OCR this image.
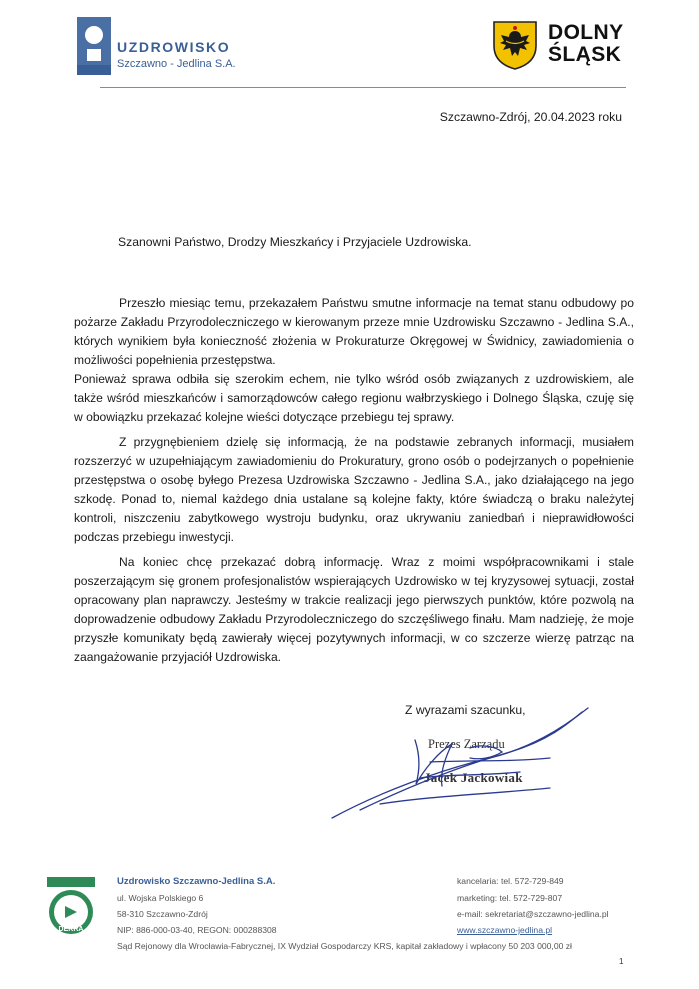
UZDROWISKO
Szczawno - Jedlina S.A.
DOLNY
ŚLĄSK
Szczawno-Zdrój, 20.04.2023 roku
Szanowni Państwo, Drodzy Mieszkańcy i Przyjaciele Uzdrowiska.

Przeszło miesiąc temu, przekazałem Państwu smutne informacje na temat stanu odbudowy po pożarze Zakładu Przyrodoleczniczego w kierowanym przeze mnie Uzdrowisku Szczawno - Jedlina S.A., których wynikiem była konieczność złożenia w Prokuraturze Okręgowej w Świdnicy, zawiadomienia o możliwości popełnienia przestępstwa.

Ponieważ sprawa odbiła się szerokim echem, nie tylko wśród osób związanych z uzdrowiskiem, ale także wśród mieszkańców i samorządowców całego regionu wałbrzyskiego i Dolnego Śląska, czuję się w obowiązku przekazać kolejne wieści dotyczące przebiegu tej sprawy.

Z przygnębieniem dzielę się informacją, że na podstawie zebranych informacji, musiałem rozszerzyć w uzupełniającym zawiadomieniu do Prokuratury, grono osób o podejrzanych o popełnienie przestępstwa o osobę byłego Prezesa Uzdrowiska Szczawno - Jedlina S.A., jako działającego na jego szkodę. Ponad to, niemal każdego dnia ustalane są kolejne fakty, które świadczą o braku należytej kontroli, niszczeniu zabytkowego wystroju budynku, oraz ukrywaniu zaniedbań i nieprawidłowości podczas przebiegu inwestycji.

Na koniec chcę przekazać dobrą informację. Wraz z moimi współpracownikami i stale poszerzającym się gronem profesjonalistów wspierających Uzdrowisko w tej kryzysowej sytuacji, został opracowany plan naprawczy. Jesteśmy w trakcie realizacji jego pierwszych punktów, które pozwolą na doprowadzenie odbudowy Zakładu Przyrodoleczniczego do szczęśliwego finału. Mam nadzieję, że moje przyszłe komunikaty będą zawierały więcej pozytywnych informacji, w co szczerze wierzę patrząc na zaangażowanie przyjaciół Uzdrowiska.

Z wyrazami szacunku,
Prezes Zarządu
Jacek Jackowiak
DEKRA
Uzdrowisko Szczawno-Jedlina S.A.
ul. Wojska Polskiego 6
58-310 Szczawno-Zdrój
NIP: 886-000-03-40, REGON: 000288308
kancelaria: tel. 572-729-849
marketing: tel. 572-729-807
e-mail: sekretariat@szczawno-jedlina.pl
www.szczawno-jedlina.pl
Sąd Rejonowy dla Wrocławia-Fabrycznej, IX Wydział Gospodarczy KRS, kapitał zakładowy i wpłacony 50 203 000,00 zł
1
